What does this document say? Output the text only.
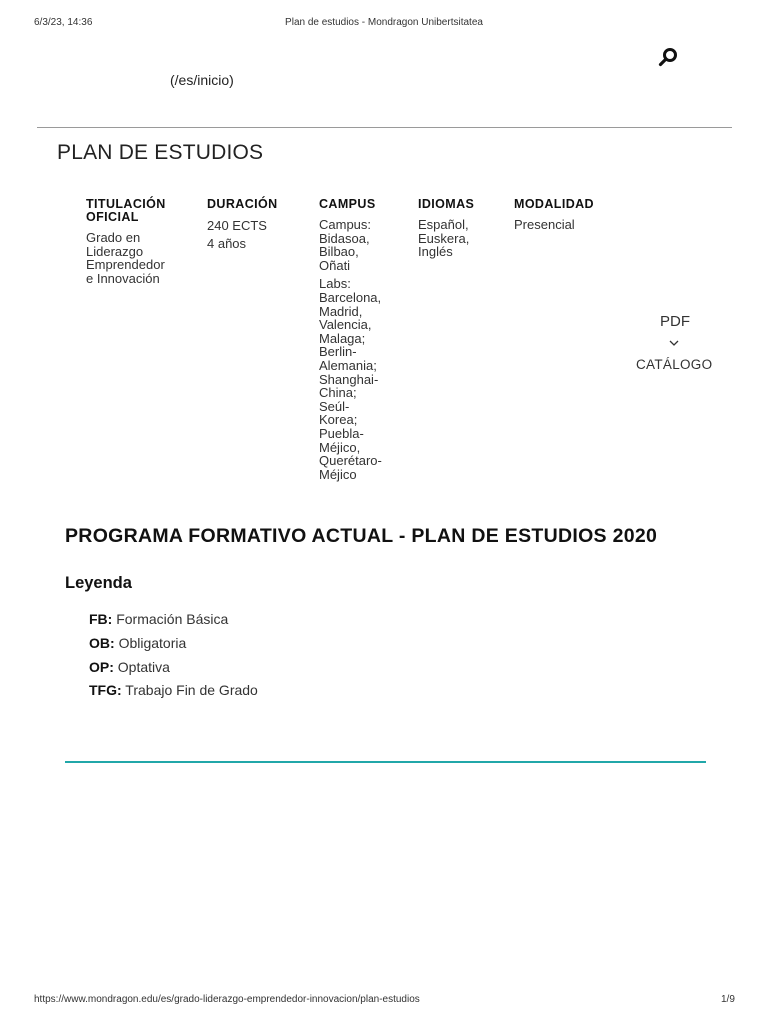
6/3/23, 14:36	Plan de estudios - Mondragon Unibertsitatea
(/es/inicio)
PLAN DE ESTUDIOS
TITULACIÓN OFICIAL
Grado en
Liderazgo
Emprendedor
e Innovación
DURACIÓN
240 ECTS
4 años
CAMPUS
Campus:
Bidasoa,
Bilbao,
Oñati
Labs:
Barcelona,
Madrid,
Valencia,
Malaga;
Berlin-
Alemania;
Shanghai-
China;
Seúl-
Korea;
Puebla-
Méjico,
Querétaro-
Méjico
IDIOMAS
Español,
Euskera,
Inglés
MODALIDAD
Presencial
PDF
CATÁLOGO
PROGRAMA FORMATIVO ACTUAL - PLAN DE ESTUDIOS 2020
Leyenda
FB: Formación Básica
OB: Obligatoria
OP: Optativa
TFG: Trabajo Fin de Grado
https://www.mondragon.edu/es/grado-liderazgo-emprendedor-innovacion/plan-estudios	1/9
